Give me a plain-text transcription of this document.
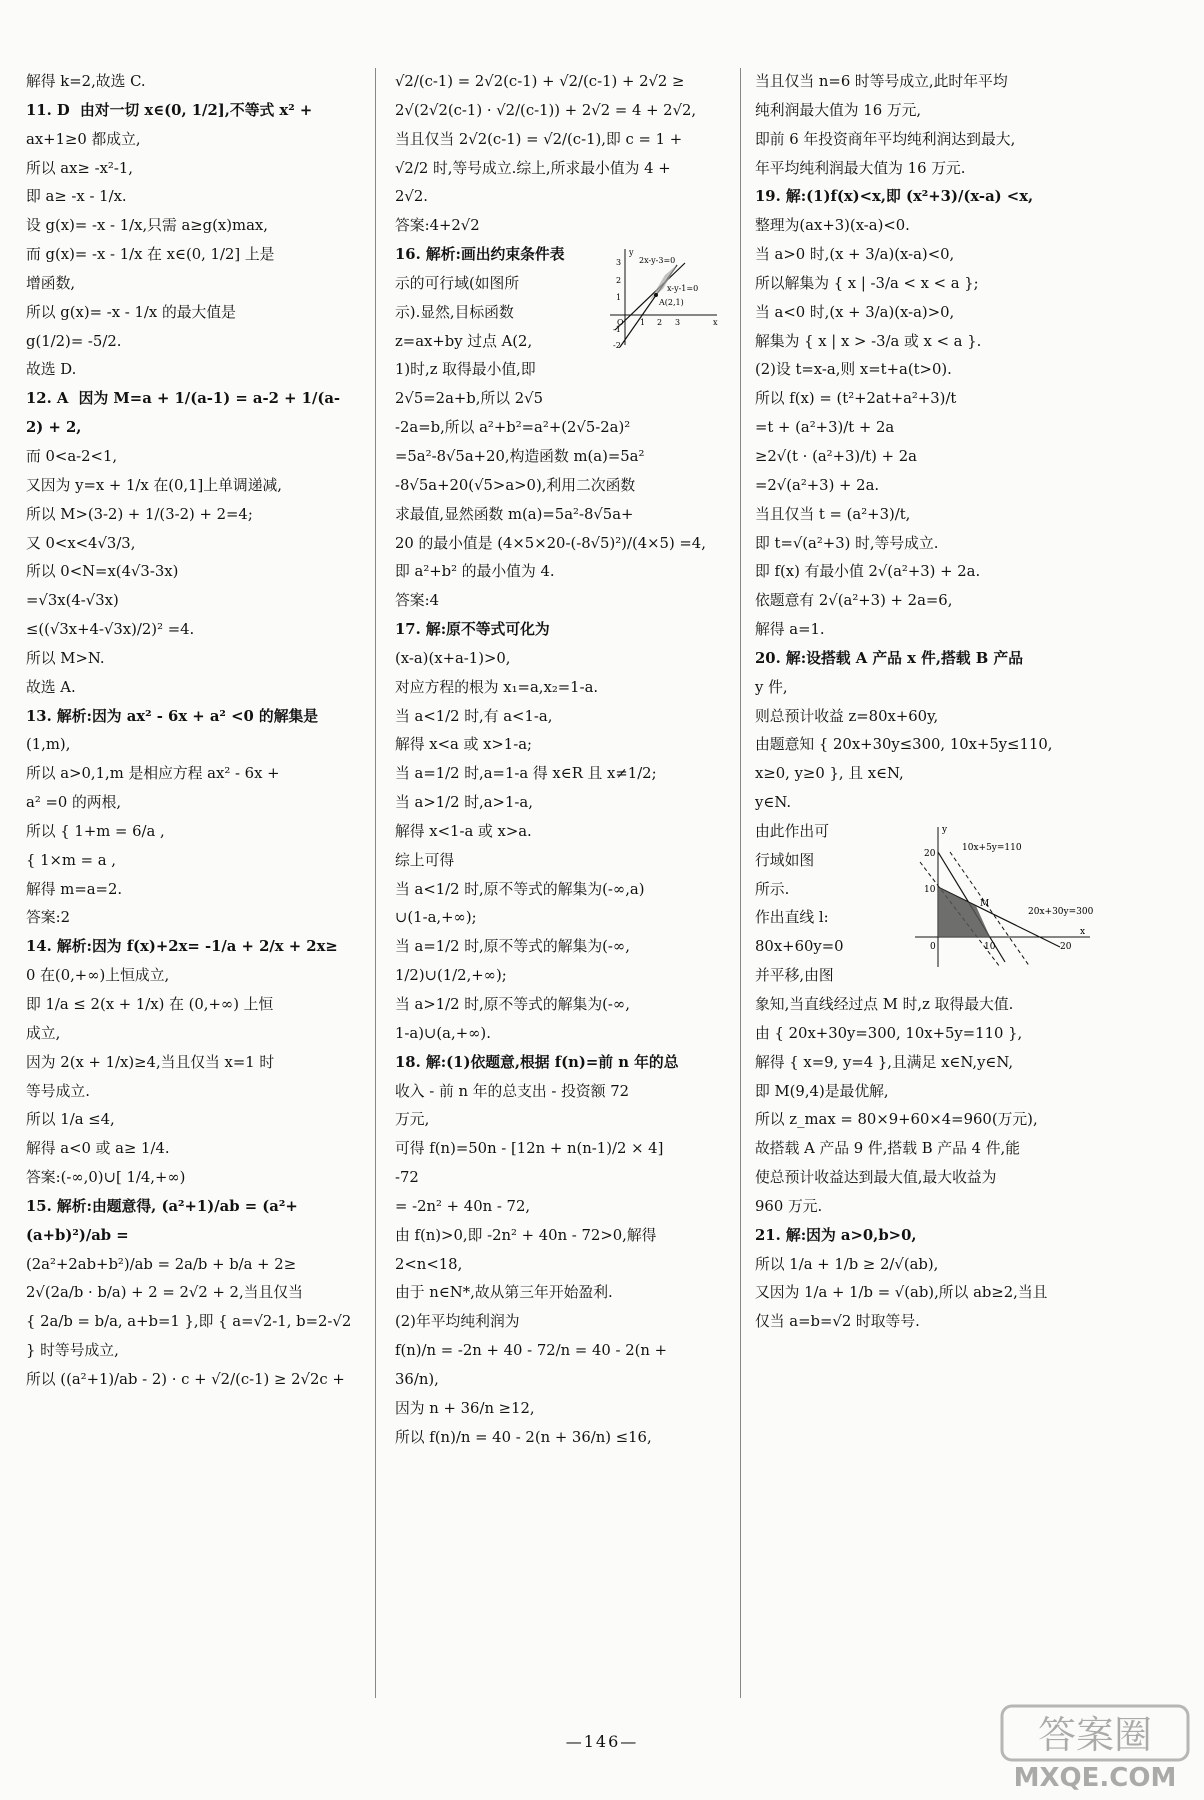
解得 k=2,故选 C.
11. D  由对一切 x∈(0, 1/2],不等式 x² +
ax+1≥0 都成立,
所以 ax≥ -x²-1,
即 a≥ -x - 1/x.
设 g(x)= -x - 1/x,只需 a≥g(x)max,
而 g(x)= -x - 1/x 在 x∈(0, 1/2] 上是
增函数,
所以 g(x)= -x - 1/x 的最大值是
g(1/2)= -5/2.
故选 D.
12. A  因为 M=a + 1/(a-1) = a-2 + 1/(a-2) + 2,
而 0<a-2<1,
又因为 y=x + 1/x 在(0,1]上单调递减,
所以 M>(3-2) + 1/(3-2) + 2=4;
又 0<x<4√3/3,
所以 0<N=x(4√3-3x)
=√3x(4-√3x)
≤((√3x+4-√3x)/2)² =4.
所以 M>N.
故选 A.
13. 解析:因为 ax² - 6x + a² <0 的解集是
(1,m),
所以 a>0,1,m 是相应方程 ax² - 6x +
a² =0 的两根,
所以 { 1+m = 6/a ,
{ 1×m = a ,
解得 m=a=2.
答案:2
14. 解析:因为 f(x)+2x= -1/a + 2/x + 2x≥
0 在(0,+∞)上恒成立,
即 1/a ≤ 2(x + 1/x) 在 (0,+∞) 上恒
成立,
因为 2(x + 1/x)≥4,当且仅当 x=1 时
等号成立.
所以 1/a ≤4,
解得 a<0 或 a≥ 1/4.
答案:(-∞,0)∪[ 1/4,+∞)
15. 解析:由题意得, (a²+1)/ab = (a²+(a+b)²)/ab =
(2a²+2ab+b²)/ab = 2a/b + b/a + 2≥
2√(2a/b · b/a) + 2 = 2√2 + 2,当且仅当
{ 2a/b = b/a, a+b=1 },即 { a=√2-1, b=2-√2 } 时等号成立,
所以 ((a²+1)/ab - 2) · c + √2/(c-1) ≥ 2√2c +
√2/(c-1) = 2√2(c-1) + √2/(c-1) + 2√2 ≥
2√(2√2(c-1) · √2/(c-1)) + 2√2 = 4 + 2√2,
当且仅当 2√2(c-1) = √2/(c-1),即 c = 1 +
√2/2 时,等号成立.综上,所求最小值为 4 +
2√2.
答案:4+2√2
16. 解析:画出约束条件表
示的可行域(如图所
示).显然,目标函数
z=ax+by 过点 A(2,
1)时,z 取得最小值,即
2√5=2a+b,所以 2√5
y
x
2x-y-3=0
x-y-1=0
A(2,1)
3
2
1
-1
-2
O 1 2 3
-2a=b,所以 a²+b²=a²+(2√5-2a)²
=5a²-8√5a+20,构造函数 m(a)=5a²
-8√5a+20(√5>a>0),利用二次函数
求最值,显然函数 m(a)=5a²-8√5a+
20 的最小值是 (4×5×20-(-8√5)²)/(4×5) =4,
即 a²+b² 的最小值为 4.
答案:4
17. 解:原不等式可化为
(x-a)(x+a-1)>0,
对应方程的根为 x₁=a,x₂=1-a.
当 a<1/2 时,有 a<1-a,
解得 x<a 或 x>1-a;
当 a=1/2 时,a=1-a 得 x∈R 且 x≠1/2;
当 a>1/2 时,a>1-a,
解得 x<1-a 或 x>a.
综上可得
当 a<1/2 时,原不等式的解集为(-∞,a)
∪(1-a,+∞);
当 a=1/2 时,原不等式的解集为(-∞,
1/2)∪(1/2,+∞);
当 a>1/2 时,原不等式的解集为(-∞,
1-a)∪(a,+∞).
18. 解:(1)依题意,根据 f(n)=前 n 年的总
收入 - 前 n 年的总支出 - 投资额 72
万元,
可得 f(n)=50n - [12n + n(n-1)/2 × 4]
-72
= -2n² + 40n - 72,
由 f(n)>0,即 -2n² + 40n - 72>0,解得
2<n<18,
由于 n∈N*,故从第三年开始盈利.
(2)年平均纯利润为
f(n)/n = -2n + 40 - 72/n = 40 - 2(n +
36/n),
因为 n + 36/n ≥12,
所以 f(n)/n = 40 - 2(n + 36/n) ≤16,
当且仅当 n=6 时等号成立,此时年平均
纯利润最大值为 16 万元,
即前 6 年投资商年平均纯利润达到最大,
年平均纯利润最大值为 16 万元.
19. 解:(1)f(x)<x,即 (x²+3)/(x-a) <x,
整理为(ax+3)(x-a)<0.
当 a>0 时,(x + 3/a)(x-a)<0,
所以解集为 { x | -3/a < x < a };
当 a<0 时,(x + 3/a)(x-a)>0,
解集为 { x | x > -3/a 或 x < a }.
(2)设 t=x-a,则 x=t+a(t>0).
所以 f(x) = (t²+2at+a²+3)/t
=t + (a²+3)/t + 2a
≥2√(t · (a²+3)/t) + 2a
=2√(a²+3) + 2a.
当且仅当 t = (a²+3)/t,
即 t=√(a²+3) 时,等号成立.
即 f(x) 有最小值 2√(a²+3) + 2a.
依题意有 2√(a²+3) + 2a=6,
解得 a=1.
20. 解:设搭载 A 产品 x 件,搭载 B 产品
y 件,
则总预计收益 z=80x+60y,
由题意知 { 20x+30y≤300, 10x+5y≤110, x≥0, y≥0 }, 且 x∈N,
y∈N.
由此作出可
行域如图
所示.
作出直线 l:
80x+60y=0
并平移,由图
y
x
10x+5y=110
20x+30y=300
M
20
10
0	10	20
象知,当直线经过点 M 时,z 取得最大值.
由 { 20x+30y=300, 10x+5y=110 },
解得 { x=9, y=4 },且满足 x∈N,y∈N,
即 M(9,4)是最优解,
所以 z_max = 80×9+60×4=960(万元),
故搭载 A 产品 9 件,搭载 B 产品 4 件,能
使总预计收益达到最大值,最大收益为
960 万元.
21. 解:因为 a>0,b>0,
所以 1/a + 1/b ≥ 2/√(ab),
又因为 1/a + 1/b = √(ab),所以 ab≥2,当且
仅当 a=b=√2 时取等号.
—146—	答案圈
MXQE.COM
